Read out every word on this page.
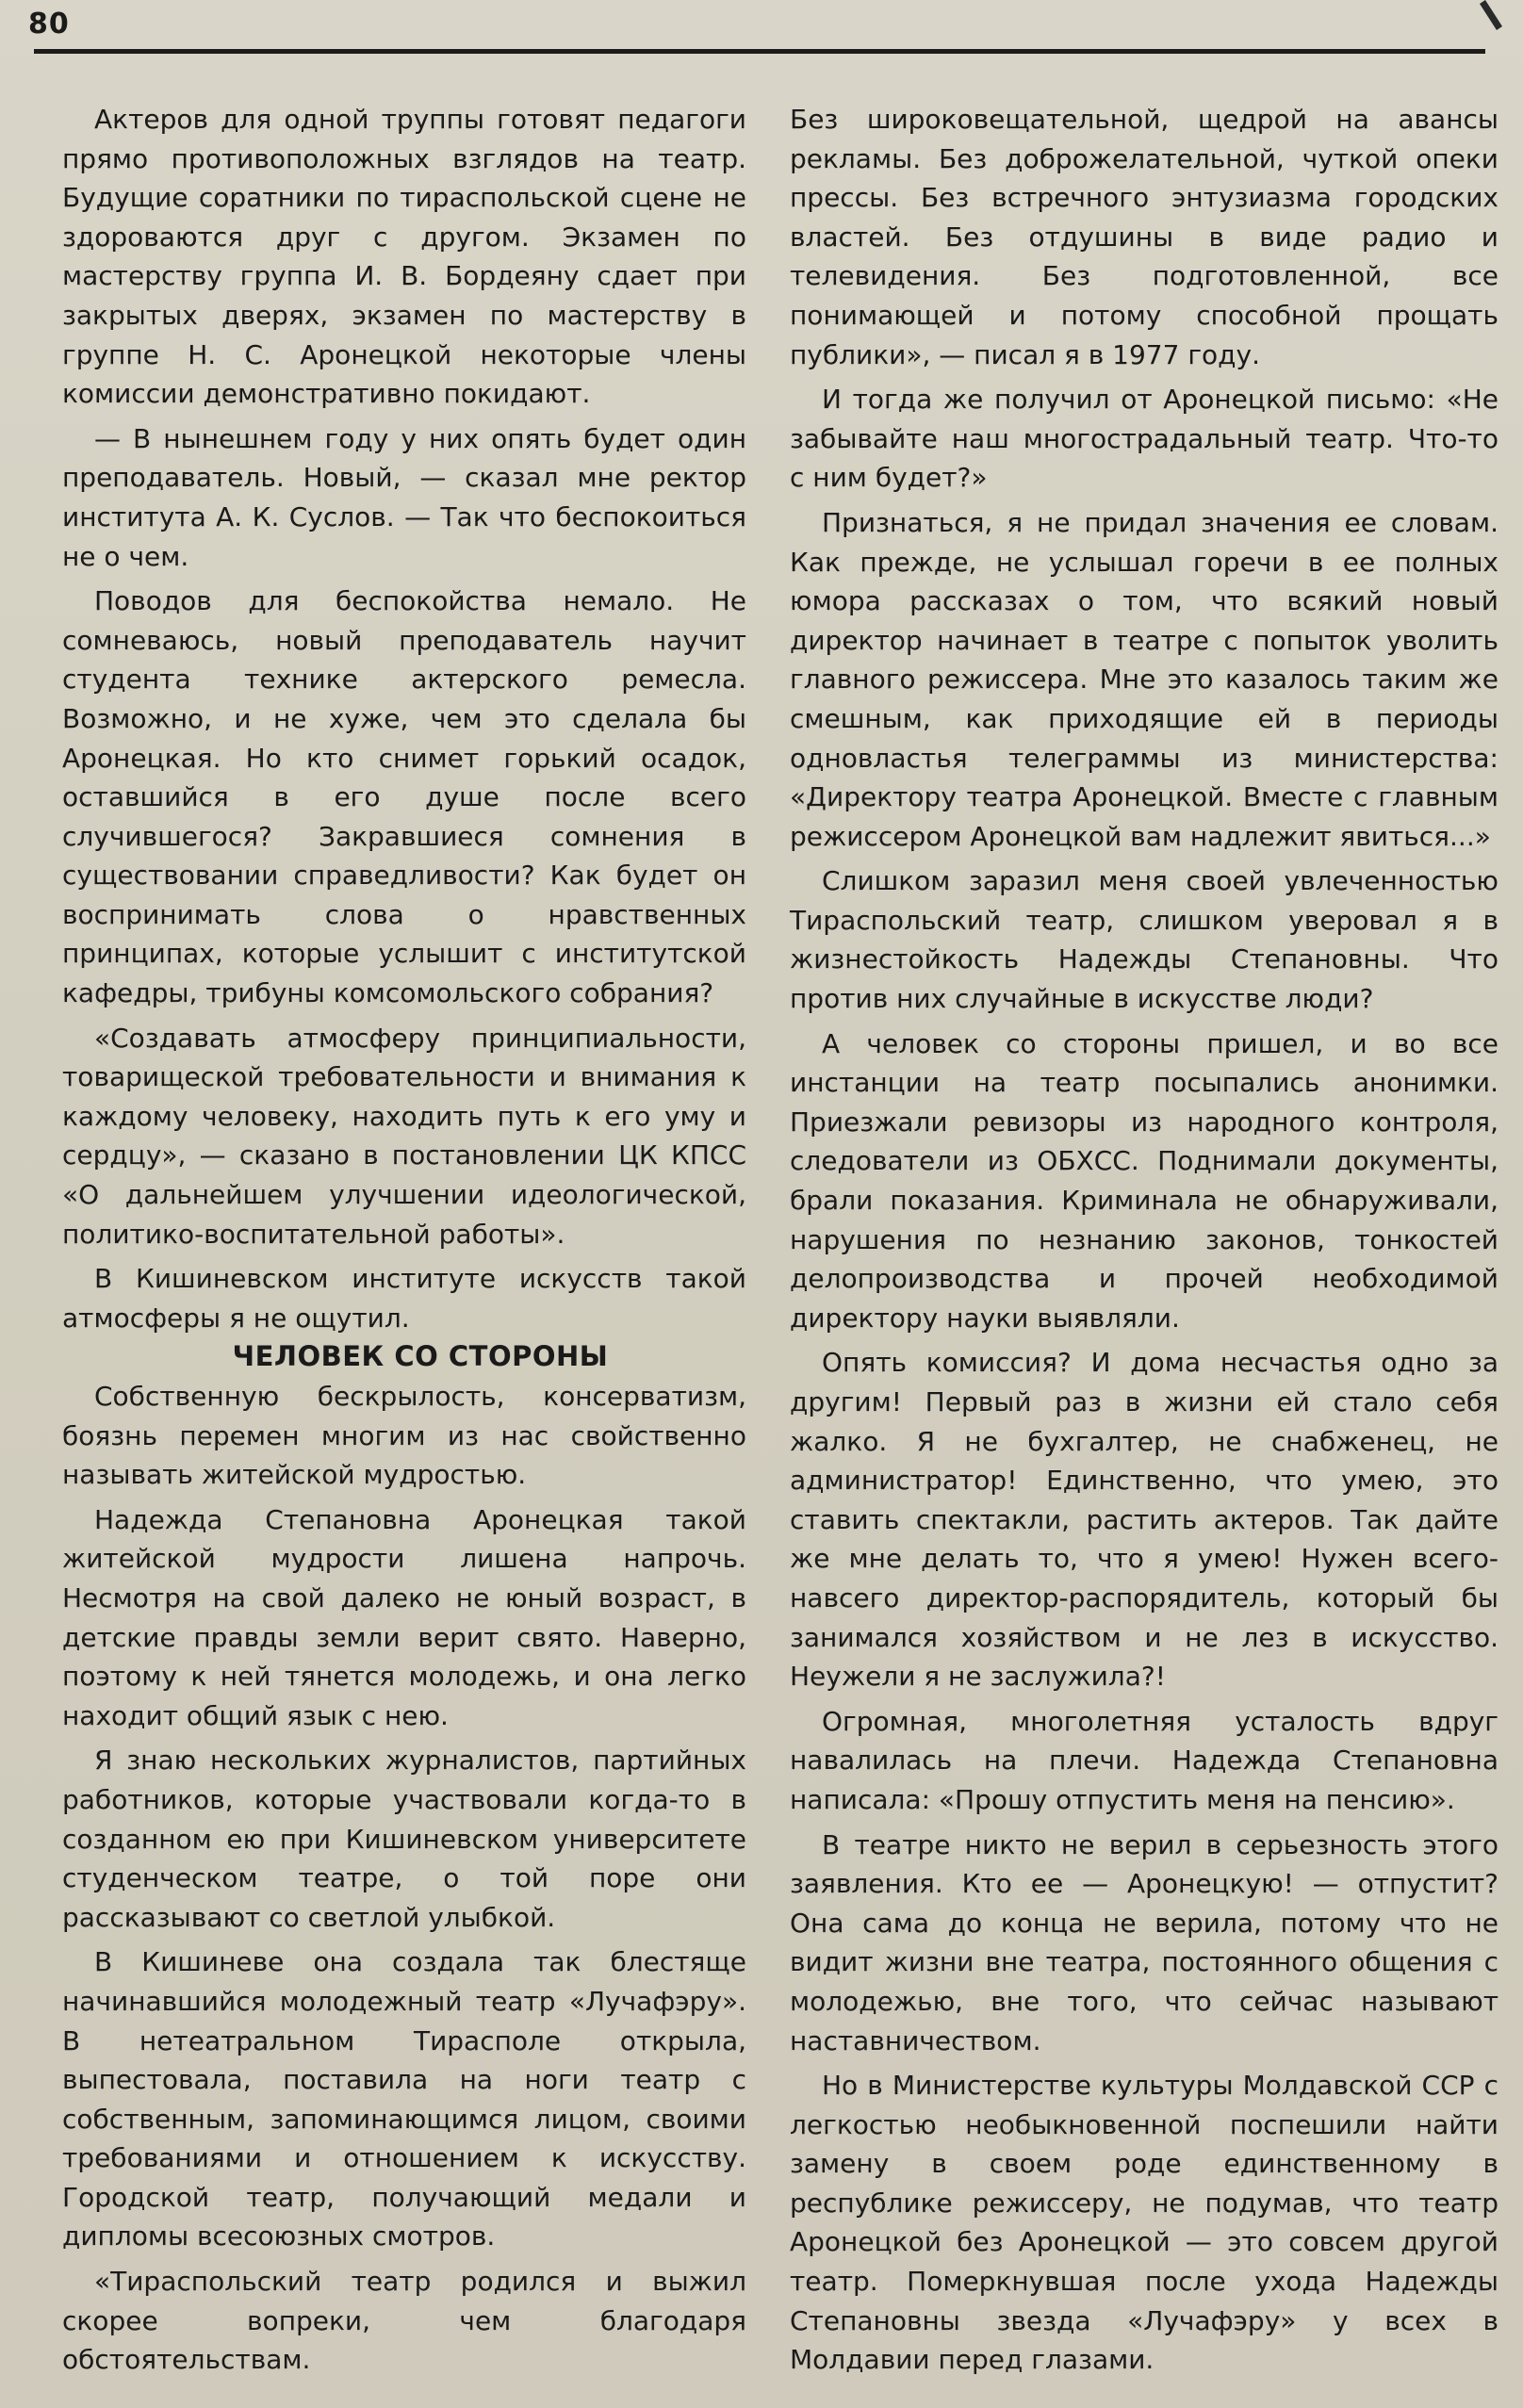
80

Актеров для одной труппы готовят педагоги прямо противоположных взглядов на театр. Будущие соратники по тираспольской сцене не здороваются друг с другом. Экзамен по мастерству группа И. В. Бордеяну сдает при закрытых дверях, экзамен по мастерству в группе Н. С. Аронецкой некоторые члены комиссии демонстративно покидают.

— В нынешнем году у них опять будет один преподаватель. Новый, — сказал мне ректор института А. К. Суслов. — Так что беспокоиться не о чем.

Поводов для беспокойства немало. Не сомневаюсь, новый преподаватель научит студента технике актерского ремесла. Возможно, и не хуже, чем это сделала бы Аронецкая. Но кто снимет горький осадок, оставшийся в его душе после всего случившегося? Закравшиеся сомнения в существовании справедливости? Как будет он воспринимать слова о нравственных принципах, которые услышит с институтской кафедры, трибуны комсомольского собрания?

«Создавать атмосферу принципиальности, товарищеской требовательности и внимания к каждому человеку, находить путь к его уму и сердцу», — сказано в постановлении ЦК КПСС «О дальнейшем улучшении идеологической, политико-воспитательной работы».

В Кишиневском институте искусств такой атмосферы я не ощутил.

ЧЕЛОВЕК СО СТОРОНЫ

Собственную бескрылость, консерватизм, боязнь перемен многим из нас свойственно называть житейской мудростью.

Надежда Степановна Аронецкая такой житейской мудрости лишена напрочь. Несмотря на свой далеко не юный возраст, в детские правды земли верит свято. Наверно, поэтому к ней тянется молодежь, и она легко находит общий язык с нею.

Я знаю нескольких журналистов, партийных работников, которые участвовали когда-то в созданном ею при Кишиневском университете студенческом театре, о той поре они рассказывают со светлой улыбкой.

В Кишиневе она создала так блестяще начинавшийся молодежный театр «Лучафэру». В нетеатральном Тирасполе открыла, выпестовала, поставила на ноги театр с собственным, запоминающимся лицом, своими требованиями и отношением к искусству. Городской театр, получающий медали и дипломы всесоюзных смотров.

«Тираспольский театр родился и выжил скорее вопреки, чем благодаря обстоятельствам.

Без широковещательной, щедрой на авансы рекламы. Без доброжелательной, чуткой опеки прессы. Без встречного энтузиазма городских властей. Без отдушины в виде радио и телевидения. Без подготовленной, все понимающей и потому способной прощать публики», — писал я в 1977 году.

И тогда же получил от Аронецкой письмо: «Не забывайте наш многострадальный театр. Что-то с ним будет?»

Признаться, я не придал значения ее словам. Как прежде, не услышал горечи в ее полных юмора рассказах о том, что всякий новый директор начинает в театре с попыток уволить главного режиссера. Мне это казалось таким же смешным, как приходящие ей в периоды одновластья телеграммы из министерства: «Директору театра Аронецкой. Вместе с главным режиссером Аронецкой вам надлежит явиться...»

Слишком заразил меня своей увлеченностью Тираспольский театр, слишком уверовал я в жизнестойкость Надежды Степановны. Что против них случайные в искусстве люди?

А человек со стороны пришел, и во все инстанции на театр посыпались анонимки. Приезжали ревизоры из народного контроля, следователи из ОБХСС. Поднимали документы, брали показания. Криминала не обнаруживали, нарушения по незнанию законов, тонкостей делопроизводства и прочей необходимой директору науки выявляли.

Опять комиссия? И дома несчастья одно за другим! Первый раз в жизни ей стало себя жалко. Я не бухгалтер, не снабженец, не администратор! Единственно, что умею, это ставить спектакли, растить актеров. Так дайте же мне делать то, что я умею! Нужен всего-навсего директор-распорядитель, который бы занимался хозяйством и не лез в искусство. Неужели я не заслужила?!

Огромная, многолетняя усталость вдруг навалилась на плечи. Надежда Степановна написала: «Прошу отпустить меня на пенсию».

В театре никто не верил в серьезность этого заявления. Кто ее — Аронецкую! — отпустит? Она сама до конца не верила, потому что не видит жизни вне театра, постоянного общения с молодежью, вне того, что сейчас называют наставничеством.

Но в Министерстве культуры Молдавской ССР с легкостью необыкновенной поспешили найти замену в своем роде единственному в республике режиссеру, не подумав, что театр Аронецкой без Аронецкой — это совсем другой театр. Померкнувшая после ухода Надежды Степановны звезда «Лучафэру» у всех в Молдавии перед глазами.
